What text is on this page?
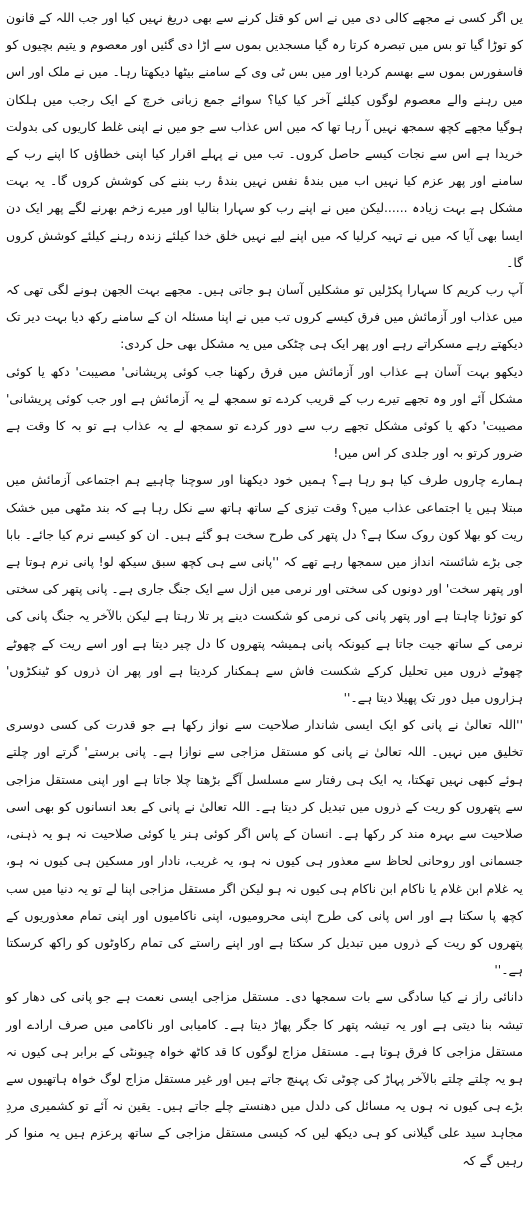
یں اگر کسی نے مجھے کالی دی میں نے اس کو قتل کرنے سے بھی دریغ نہیں کیا اور جب اللہ کے قانون کو توڑا گیا تو بس میں تبصرہ کرتا رہ گیا مسجدیں بموں سے اڑا دی گئیں اور معصوم و یتیم بچیوں کو فاسفورس بموں سے بھسم کردیا اور میں بس ٹی وی کے سامنے بیٹھا دیکھتا رہا۔ میں نے ملک اور اس میں رہنے والے معصوم لوگوں کیلئے آخر کیا کیا؟ سوائے جمع زبانی خرچ کے ایک رجب میں ہلکان ہوگیا مجھے کچھ سمجھ نہیں آ رہا تھا کہ میں اس عذاب سے جو میں نے اپنی غلط کاریوں کی بدولت خریدا ہے اس سے نجات کیسے حاصل کروں۔ تب میں نے پہلے اقرار کیا اپنی خطاؤں کا اپنے رب کے سامنے اور پھر عزم کیا نہیں اب میں بندۂ نفس نہیں بندۂ رب بننے کی کوشش کروں گا۔ یہ بہت مشکل ہے بہت زیادہ ......لیکن میں نے اپنے رب کو سہارا بنالیا اور میرے زخم بھرنے لگے پھر ایک دن ایسا بھی آیا کہ میں نے تہیہ کرلیا کہ میں اپنے لیے نہیں خلق خدا کیلئے زندہ رہنے کیلئے کوشش کروں گا۔

آپ رب کریم کا سہارا پکڑلیں تو مشکلیں آسان ہو جاتی ہیں۔ مجھے بہت الجھن ہونے لگی تھی کہ میں عذاب اور آزمائش میں فرق کیسے کروں تب میں نے اپنا مسئلہ ان کے سامنے رکھ دیا بہت دیر تک دیکھتے رہے مسکراتے رہے اور پھر ایک ہی چٹکی میں یہ مشکل بھی حل کردی:

دیکھو بہت آسان ہے عذاب اور آزمائش میں فرق رکھنا جب کوئی پریشانی' مصیبت' دکھ یا کوئی مشکل آئے اور وہ تجھے تیرے رب کے قریب کردے تو سمجھ لے یہ آزمائش ہے اور جب کوئی پریشانی' مصیبت' دکھ یا کوئی مشکل تجھے رب سے دور کردے تو سمجھ لے یہ عذاب ہے تو بہ کا وقت ہے ضرور کرتو بہ اور جلدی کر اس میں!

ہمارے چاروں طرف کیا ہو رہا ہے؟ ہمیں خود دیکھنا اور سوچنا چاہیے ہم اجتماعی آزمائش میں مبتلا ہیں یا اجتماعی عذاب میں؟ وقت تیزی کے ساتھ ہاتھ سے نکل رہا ہے کہ بند مٹھی میں خشک ریت کو بھلا کون روک سکا ہے؟ دل پتھر کی طرح سخت ہو گئے ہیں۔ ان کو کیسے نرم کیا جائے۔ بابا جی بڑے شائستہ انداز میں سمجھا رہے تھے کہ ''پانی سے ہی کچھ سبق سیکھ لو! پانی نرم ہوتا ہے اور پتھر سخت' اور دونوں کی سختی اور نرمی میں ازل سے ایک جنگ جاری ہے۔ پانی پتھر کی سختی کو توڑنا چاہتا ہے اور پتھر پانی کی نرمی کو شکست دینے پر تلا رہتا ہے لیکن بالآخر یہ جنگ پانی کی نرمی کے ساتھ جیت جاتا ہے کیونکہ پانی ہمیشہ پتھروں کا دل چیر دیتا ہے اور اسے ریت کے چھوٹے چھوٹے ذروں میں تحلیل کرکے شکست فاش سے ہمکنار کردیتا ہے اور پھر ان ذروں کو ٹینکڑوں' ہزاروں میل دور تک پھیلا دیتا ہے۔''

''اللہ تعالیٰ نے پانی کو ایک ایسی شاندار صلاحیت سے نواز رکھا ہے جو قدرت کی کسی دوسری تخلیق میں نہیں۔ اللہ تعالیٰ نے پانی کو مستقل مزاجی سے نوازا ہے۔ پانی برستے' گرتے اور چلتے ہوئے کبھی نہیں تھکتا، یہ ایک ہی رفتار سے مسلسل آگے بڑھتا چلا جاتا ہے اور اپنی مستقل مزاجی سے پتھروں کو ریت کے ذروں میں تبدیل کر دیتا ہے۔ اللہ تعالیٰ نے پانی کے بعد انسانوں کو بھی اسی صلاحیت سے بہرہ مند کر رکھا ہے۔ انسان کے پاس اگر کوئی ہنر یا کوئی صلاحیت نہ ہو یہ ذہنی، جسمانی اور روحانی لحاظ سے معذور ہی کیوں نہ ہو، یہ غریب، نادار اور مسکین ہی کیوں نہ ہو، یہ غلام ابن غلام یا ناکام ابن ناکام ہی کیوں نہ ہو لیکن اگر مستقل مزاجی اپنا لے تو یہ دنیا میں سب کچھ پا سکتا ہے اور اس پانی کی طرح اپنی محرومیوں، اپنی ناکامیوں اور اپنی تمام معذوریوں کے پتھروں کو ریت کے ذروں میں تبدیل کر سکتا ہے اور اپنے راستے کی تمام رکاوٹوں کو راکھ کرسکتا ہے۔''

دانائی راز نے کیا سادگی سے بات سمجھا دی۔ مستقل مزاجی ایسی نعمت ہے جو پانی کی دھار کو تیشہ بنا دیتی ہے اور یہ تیشہ پتھر کا جگر پھاڑ دیتا ہے۔ کامیابی اور ناکامی میں صرف ارادے اور مستقل مزاجی کا فرق ہوتا ہے۔ مستقل مزاج لوگوں کا قد کاٹھ خواہ چیونٹی کے برابر ہی کیوں نہ ہو یہ چلتے چلتے بالآخر پہاڑ کی چوٹی تک پہنچ جاتے ہیں اور غیر مستقل مزاج لوگ خواہ ہاتھیوں سے بڑے ہی کیوں نہ ہوں یہ مسائل کی دلدل میں دھنستے چلے جاتے ہیں۔ یقین نہ آئے تو کشمیری مردِ مجاہد سید علی گیلانی کو ہی دیکھ لیں کہ کیسی مستقل مزاجی کے ساتھ پرعزم ہیں یہ منوا کر رہیں گے کہ
